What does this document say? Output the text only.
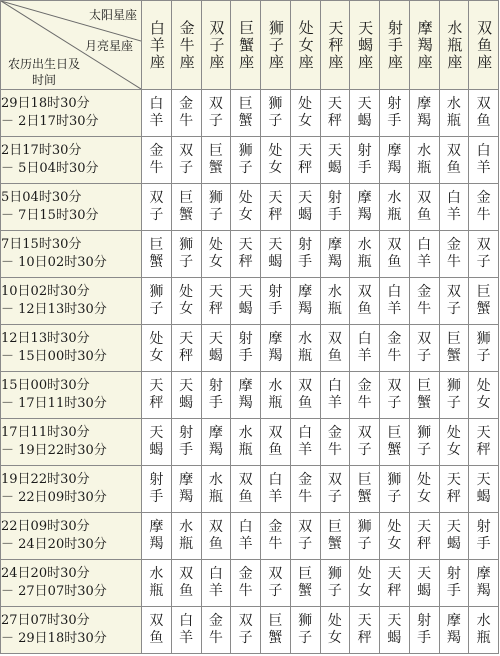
太阳星座
月亮星座
农历出生日及时间	白羊座	金牛座	双子座	巨蟹座	狮子座	处女座	天秤座	天蝎座	射手座	摩羯座	水瓶座	双鱼座
29日18时30分
－ 2日17时30分	白
羊	金
牛	双
子	巨
蟹	狮
子	处
女	天
秤	天
蝎	射
手	摩
羯	水
瓶	双
鱼

2日17时30分
－ 5日04时30分	金
牛	双
子	巨
蟹	狮
子	处
女	天
秤	天
蝎	射
手	摩
羯	水
瓶	双
鱼	白
羊

5日04时30分
－ 7日15时30分	双
子	巨
蟹	狮
子	处
女	天
秤	天
蝎	射
手	摩
羯	水
瓶	双
鱼	白
羊	金
牛

7日15时30分
－ 10日02时30分	巨
蟹	狮
子	处
女	天
秤	天
蝎	射
手	摩
羯	水
瓶	双
鱼	白
羊	金
牛	双
子

10日02时30分
－ 12日13时30分	狮
子	处
女	天
秤	天
蝎	射
手	摩
羯	水
瓶	双
鱼	白
羊	金
牛	双
子	巨
蟹

12日13时30分
－ 15日00时30分	处
女	天
秤	天
蝎	射
手	摩
羯	水
瓶	双
鱼	白
羊	金
牛	双
子	巨
蟹	狮
子

15日00时30分
－ 17日11时30分	天
秤	天
蝎	射
手	摩
羯	水
瓶	双
鱼	白
羊	金
牛	双
子	巨
蟹	狮
子	处
女

17日11时30分
－ 19日22时30分	天
蝎	射
手	摩
羯	水
瓶	双
鱼	白
羊	金
牛	双
子	巨
蟹	狮
子	处
女	天
秤

19日22时30分
－ 22日09时30分	射
手	摩
羯	水
瓶	双
鱼	白
羊	金
牛	双
子	巨
蟹	狮
子	处
女	天
秤	天
蝎

22日09时30分
－ 24日20时30分	摩
羯	水
瓶	双
鱼	白
羊	金
牛	双
子	巨
蟹	狮
子	处
女	天
秤	天
蝎	射
手

24日20时30分
－ 27日07时30分	水
瓶	双
鱼	白
羊	金
牛	双
子	巨
蟹	狮
子	处
女	天
秤	天
蝎	射
手	摩
羯

27日07时30分
－ 29日18时30分	双
鱼	白
羊	金
牛	双
子	巨
蟹	狮
子	处
女	天
秤	天
蝎	射
手	摩
羯	水
瓶
